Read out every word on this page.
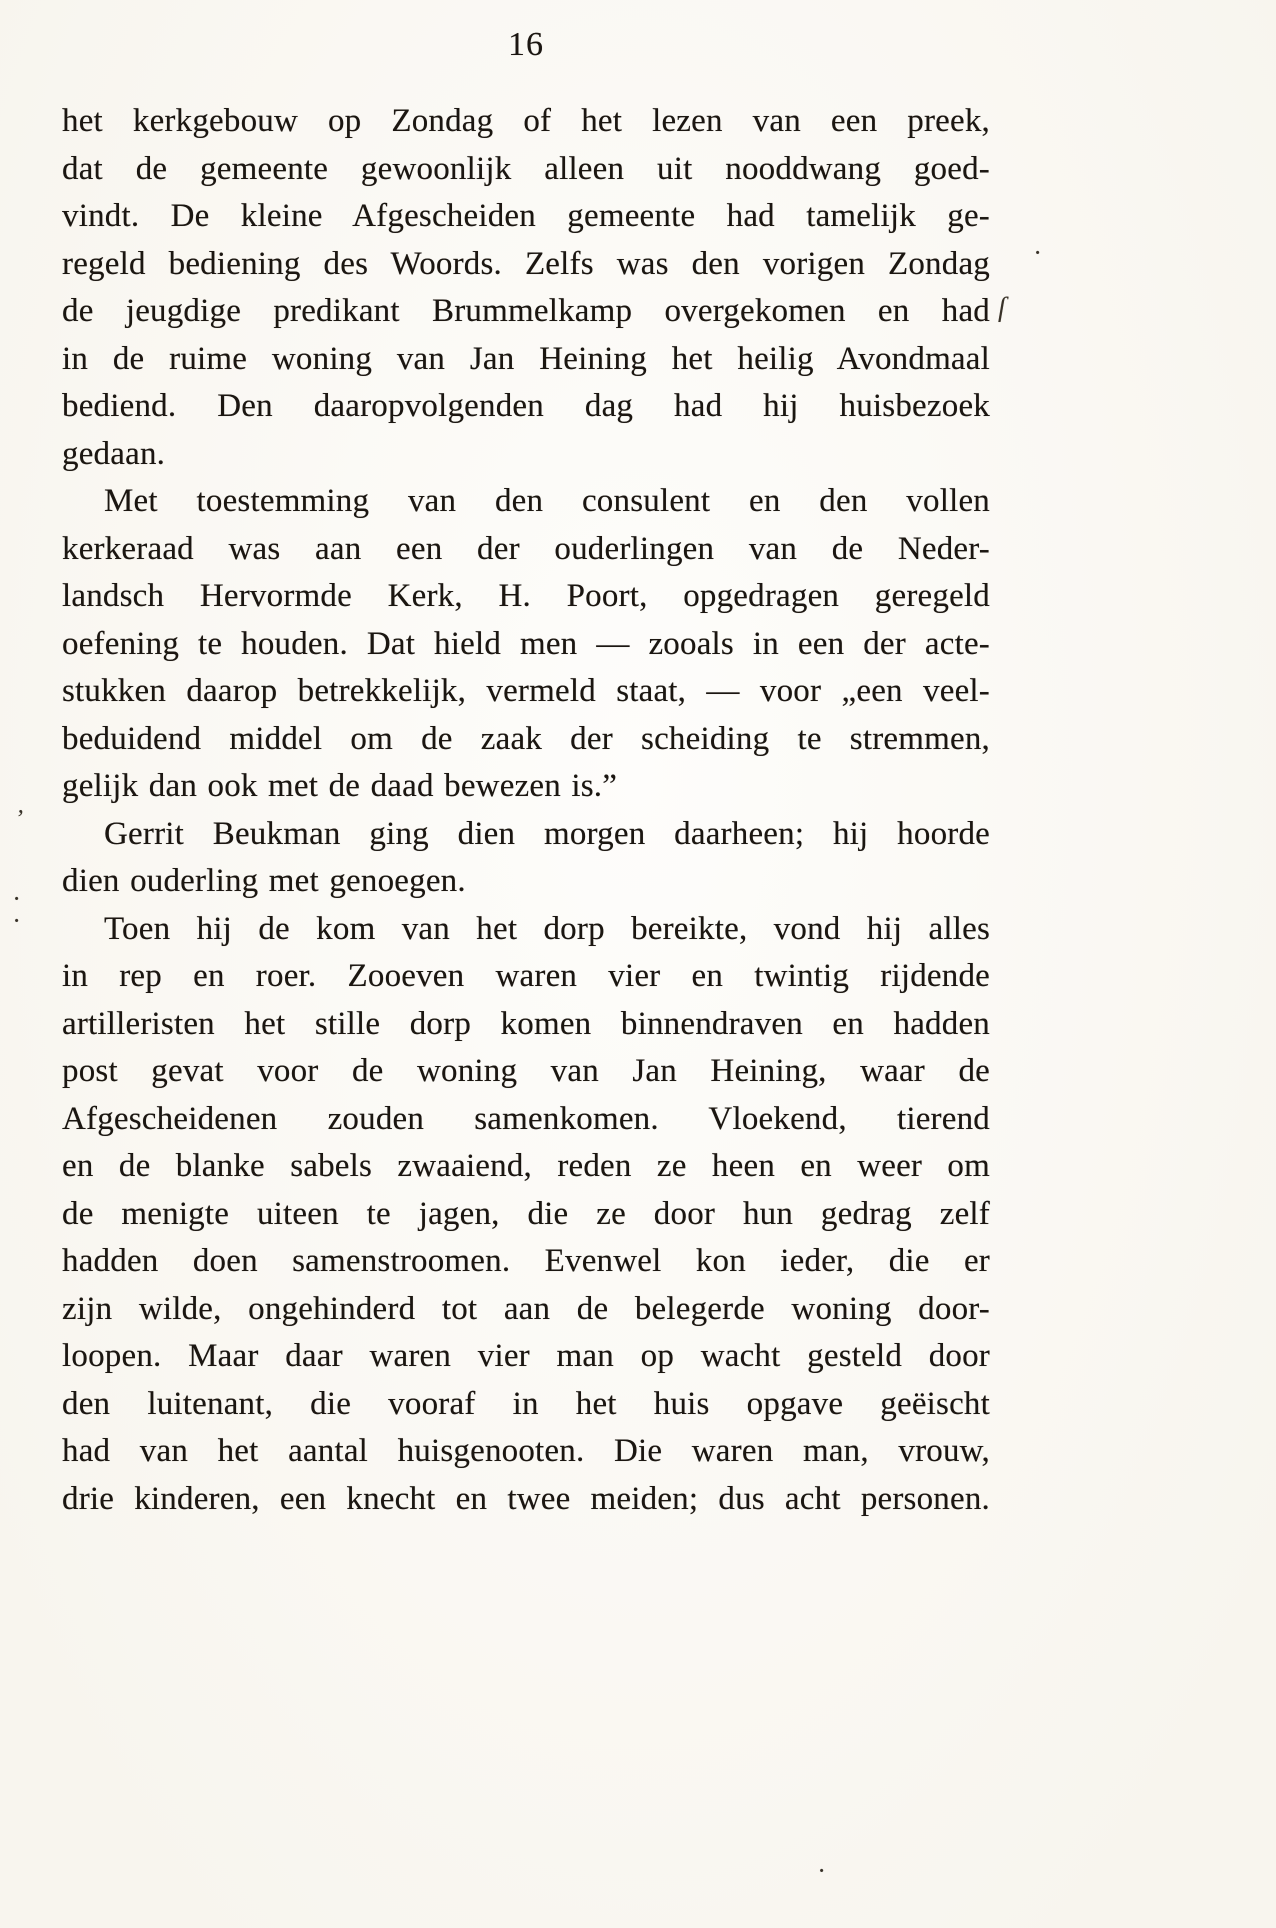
16
het kerkgebouw op Zondag of het lezen van een preek,
dat de gemeente gewoonlijk alleen uit nooddwang goed-
vindt. De kleine Afgescheiden gemeente had tamelijk ge-
regeld bediening des Woords. Zelfs was den vorigen Zondag
de jeugdige predikant Brummelkamp overgekomen en had
in de ruime woning van Jan Heining het heilig Avondmaal
bediend. Den daaropvolgenden dag had hij huisbezoek
gedaan.
Met toestemming van den consulent en den vollen
kerkeraad was aan een der ouderlingen van de Neder-
landsch Hervormde Kerk, H. Poort, opgedragen geregeld
oefening te houden. Dat hield men — zooals in een der acte-
stukken daarop betrekkelijk, vermeld staat, — voor „een veel-
beduidend middel om de zaak der scheiding te stremmen,
gelijk dan ook met de daad bewezen is.”
Gerrit Beukman ging dien morgen daarheen; hij hoorde
dien ouderling met genoegen.
Toen hij de kom van het dorp bereikte, vond hij alles
in rep en roer. Zooeven waren vier en twintig rijdende
artilleristen het stille dorp komen binnendraven en hadden
post gevat voor de woning van Jan Heining, waar de
Afgescheidenen zouden samenkomen. Vloekend, tierend
en de blanke sabels zwaaiend, reden ze heen en weer om
de menigte uiteen te jagen, die ze door hun gedrag zelf
hadden doen samenstroomen. Evenwel kon ieder, die er
zijn wilde, ongehinderd tot aan de belegerde woning door-
loopen. Maar daar waren vier man op wacht gesteld door
den luitenant, die vooraf in het huis opgave geëischt
had van het aantal huisgenooten. Die waren man, vrouw,
drie kinderen, een knecht en twee meiden; dus acht personen.
ſ
·
’
·
·
·
